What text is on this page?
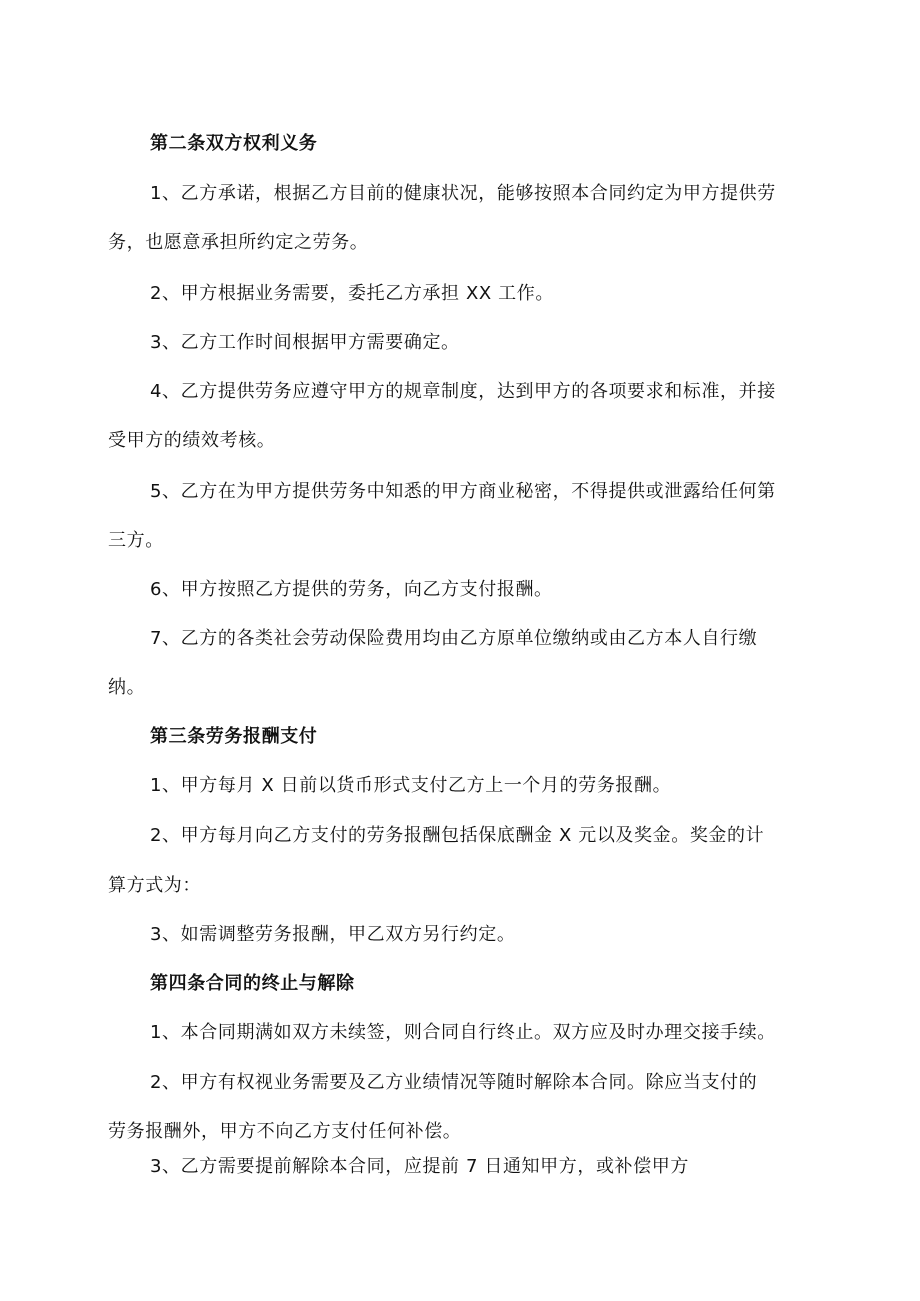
第二条双方权利义务
1、乙方承诺，根据乙方目前的健康状况，能够按照本合同约定为甲方提供劳
务，也愿意承担所约定之劳务。
2、甲方根据业务需要，委托乙方承担 XX 工作。
3、乙方工作时间根据甲方需要确定。
4、乙方提供劳务应遵守甲方的规章制度，达到甲方的各项要求和标准，并接
受甲方的绩效考核。
5、乙方在为甲方提供劳务中知悉的甲方商业秘密，不得提供或泄露给任何第
三方。
6、甲方按照乙方提供的劳务，向乙方支付报酬。
7、乙方的各类社会劳动保险费用均由乙方原单位缴纳或由乙方本人自行缴
纳。
第三条劳务报酬支付
1、甲方每月 X 日前以货币形式支付乙方上一个月的劳务报酬。
2、甲方每月向乙方支付的劳务报酬包括保底酬金 X 元以及奖金。奖金的计
算方式为：
3、如需调整劳务报酬，甲乙双方另行约定。
第四条合同的终止与解除
1、本合同期满如双方未续签，则合同自行终止。双方应及时办理交接手续。
2、甲方有权视业务需要及乙方业绩情况等随时解除本合同。除应当支付的
劳务报酬外，甲方不向乙方支付任何补偿。
3、乙方需要提前解除本合同，应提前 7 日通知甲方，或补偿甲方
